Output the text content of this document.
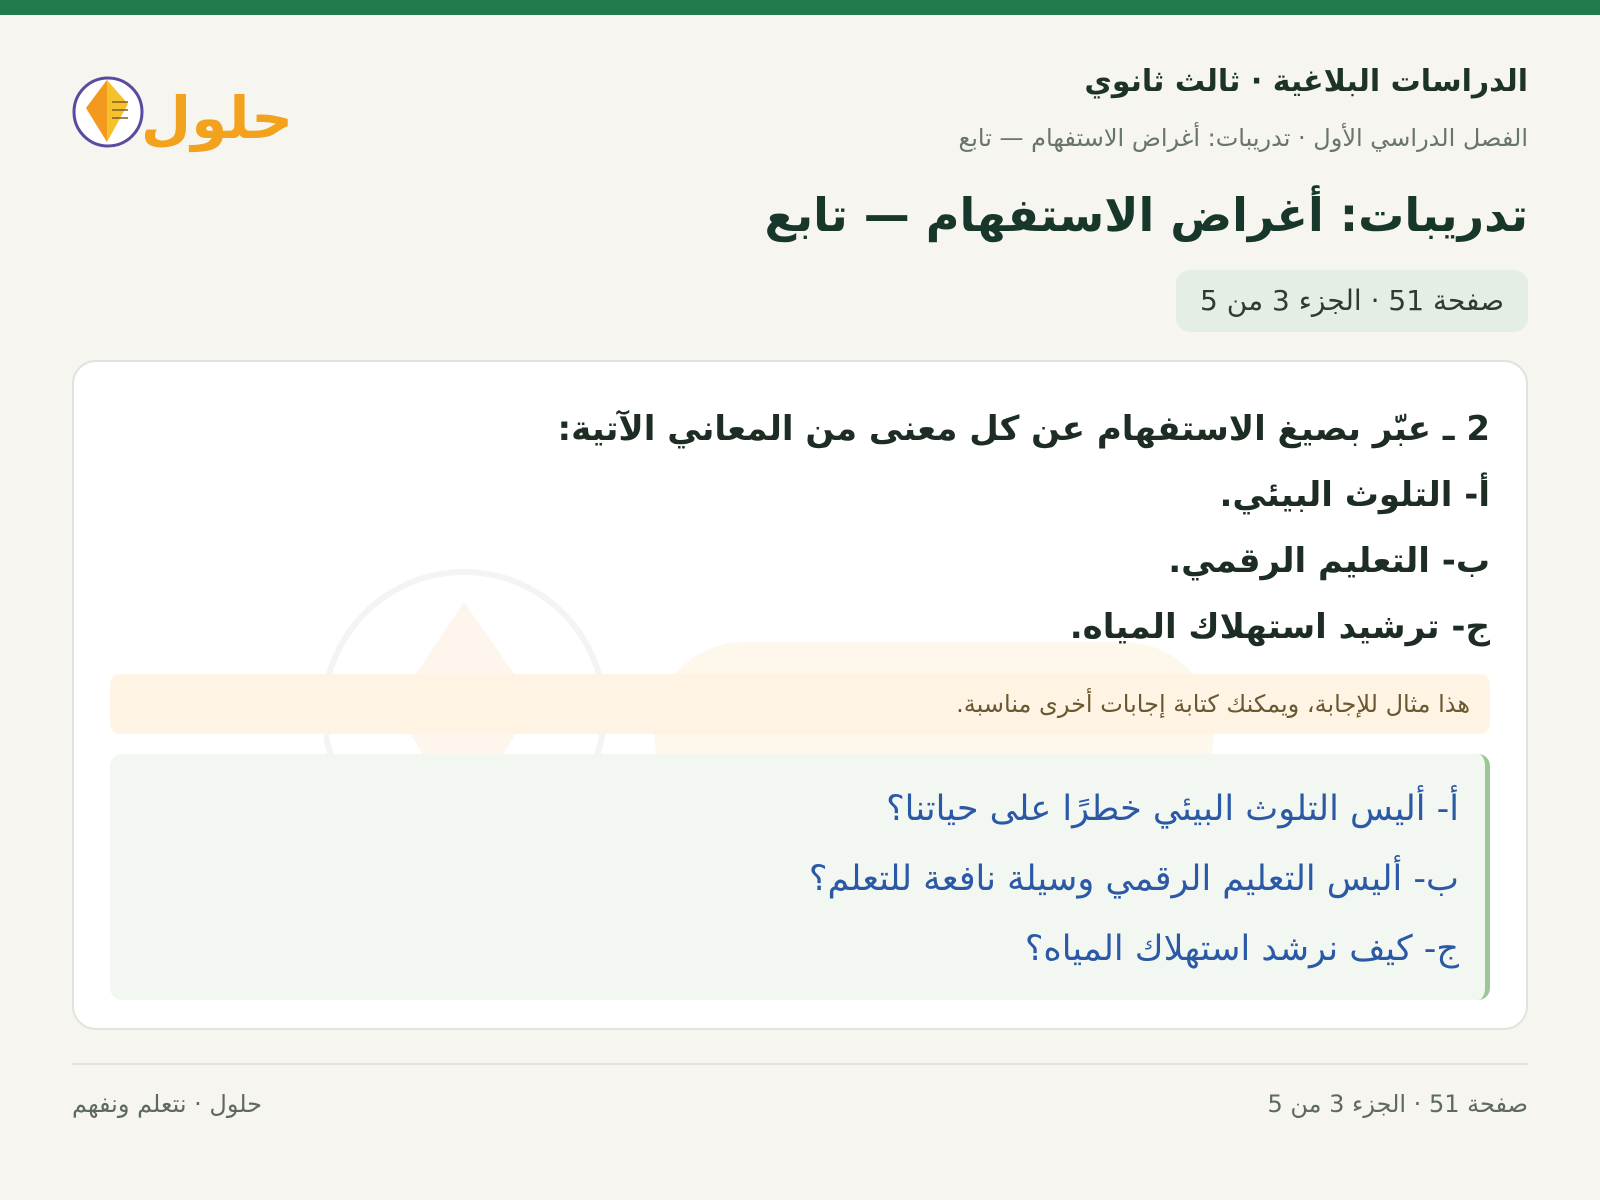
الدراسات البلاغية · ثالث ثانوي
الفصل الدراسي الأول · تدريبات: أغراض الاستفهام — تابع
حلول
تدريبات: أغراض الاستفهام — تابع
صفحة 51 · الجزء 3 من 5
2 ـ عبّر بصيغ الاستفهام عن كل معنى من المعاني الآتية:
أ- التلوث البيئي.
ب- التعليم الرقمي.
ج- ترشيد استهلاك المياه.
هذا مثال للإجابة، ويمكنك كتابة إجابات أخرى مناسبة.
أ- أليس التلوث البيئي خطرًا على حياتنا؟
ب- أليس التعليم الرقمي وسيلة نافعة للتعلم؟
ج- كيف نرشد استهلاك المياه؟
صفحة 51 · الجزء 3 من 5
حلول · نتعلم ونفهم
